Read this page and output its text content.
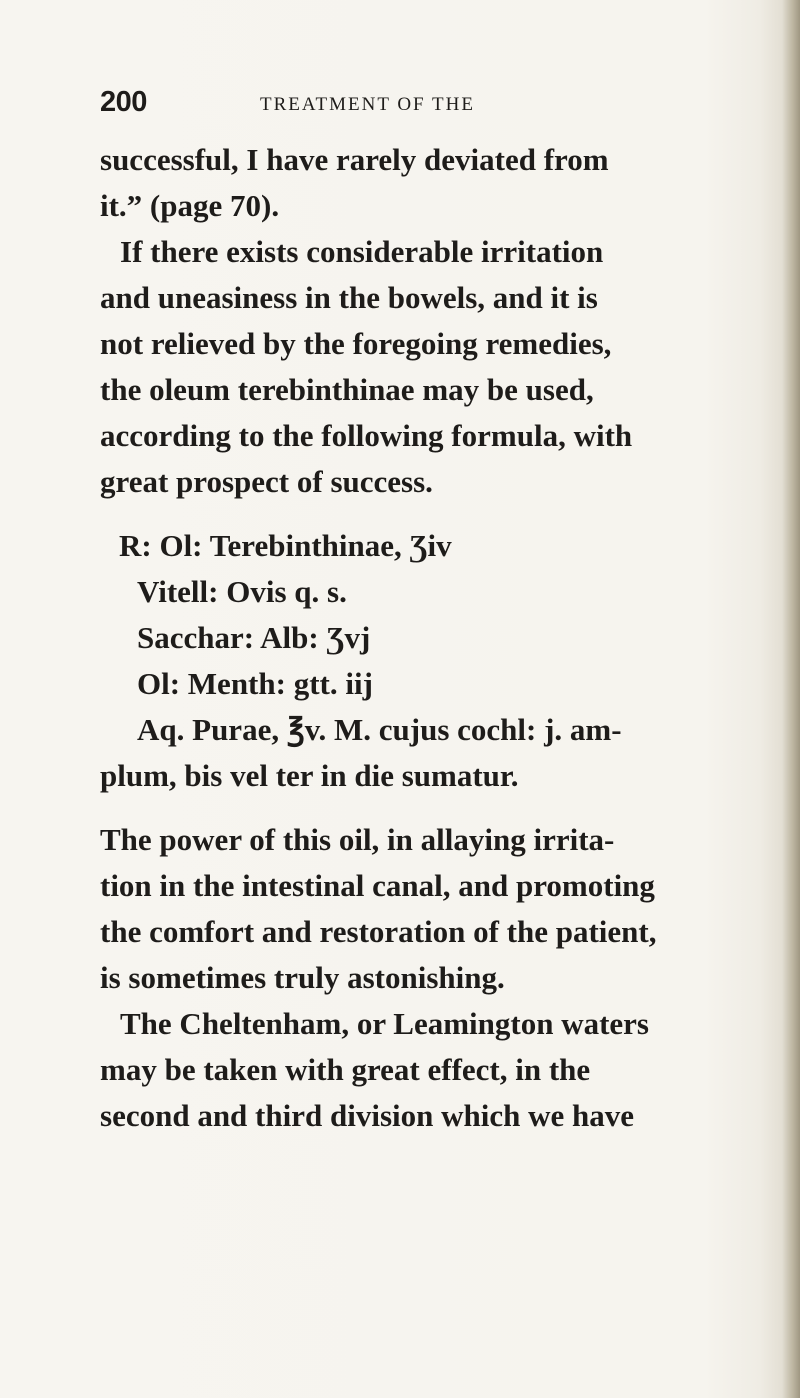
200	TREATMENT OF THE
successful, I have rarely deviated from
it.” (page 70).
If there exists considerable irritation
and uneasiness in the bowels, and it is
not relieved by the foregoing remedies,
the oleum terebinthinae may be used,
according to the following formula, with
great prospect of success.
R: Ol: Terebinthinae, Ʒiv
Vitell: Ovis q. s.
Sacchar: Alb: Ʒvj
Ol: Menth: gtt. iij
Aq. Purae, ℥v. M. cujus cochl: j. am-
plum, bis vel ter in die sumatur.
The power of this oil, in allaying irrita-
tion in the intestinal canal, and promoting
the comfort and restoration of the patient,
is sometimes truly astonishing.
The Cheltenham, or Leamington waters
may be taken with great effect, in the
second and third division which we have
